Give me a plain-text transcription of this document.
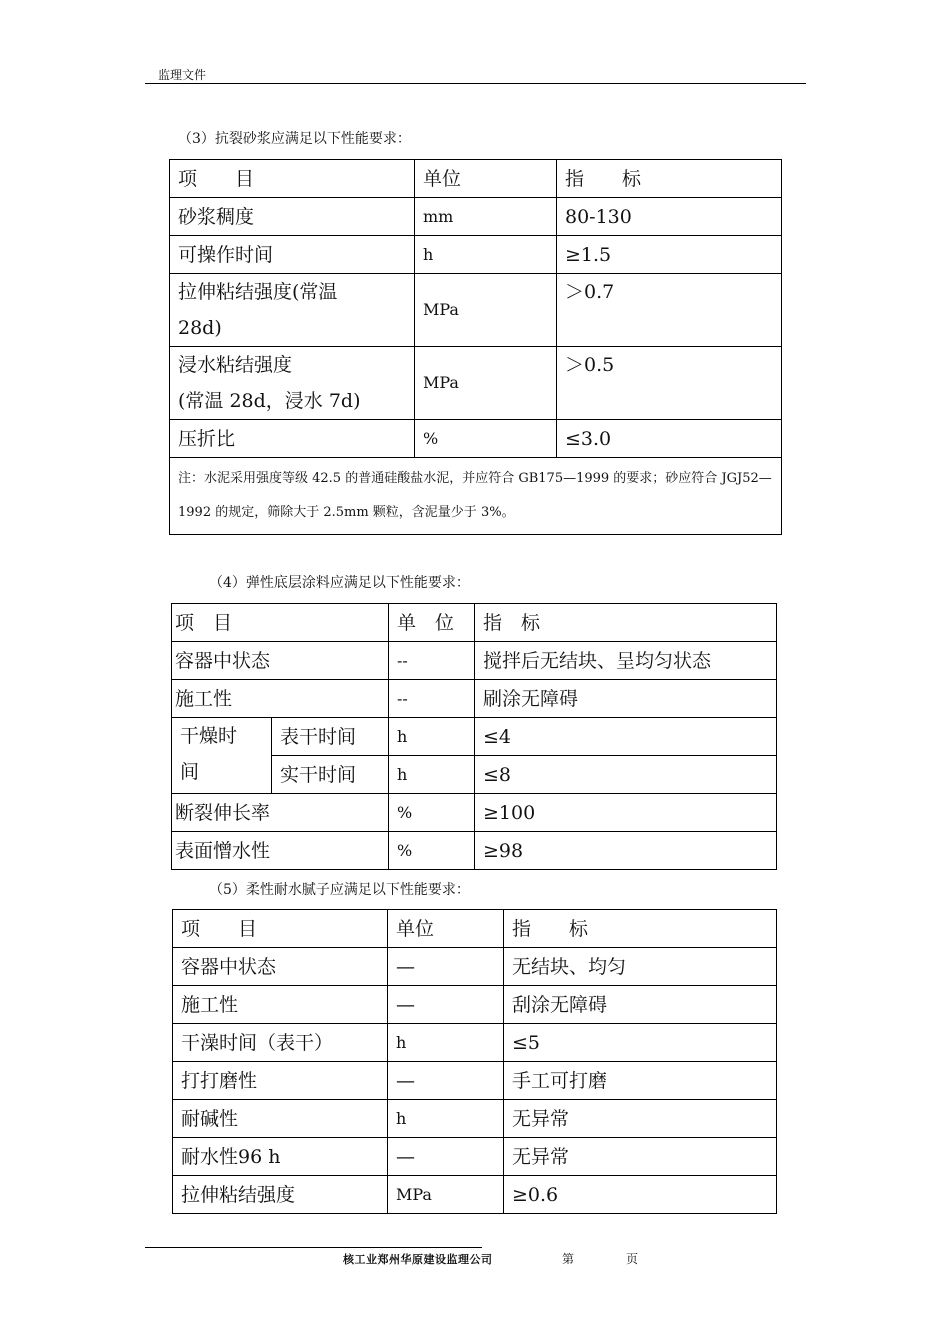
监理文件
（3）抗裂砂浆应满足以下性能要求：
项　　目	单位	指　　标
砂浆稠度	mm	80-130
可操作时间	h	≥1.5

拉伸粘结强度(常温
28d)	MPa	＞0.7

浸水粘结强度
(常温 28d，浸水 7d)	MPa	＞0.5
压折比	%	≤3.0
注：水泥采用强度等级 42.5 的普通硅酸盐水泥，并应符合 GB175—1999 的要求；砂应符合 JGJ52—1992 的规定，筛除大于 2.5mm 颗粒，含泥量少于 3%。		
（4）弹性底层涂料应满足以下性能要求：
项　目		单　位	指　标
容器中状态		--	搅拌后无结块、呈均匀状态
施工性		--	刷涂无障碍

干燥时
间	表干时间	h	≤4
	实干时间	h	≤8
断裂伸长率		%	≥100
表面憎水性		%	≥98
（5）柔性耐水腻子应满足以下性能要求：
项　　目	单位	指　　标
容器中状态	—	无结块、均匀
施工性	—	刮涂无障碍
干澡时间（表干）	h	≤5
打打磨性	—	手工可打磨
耐碱性	h	无异常
耐水性96 h	—	无异常
拉伸粘结强度	MPa	≥0.6
核工业郑州华原建设监理公司	第	页
